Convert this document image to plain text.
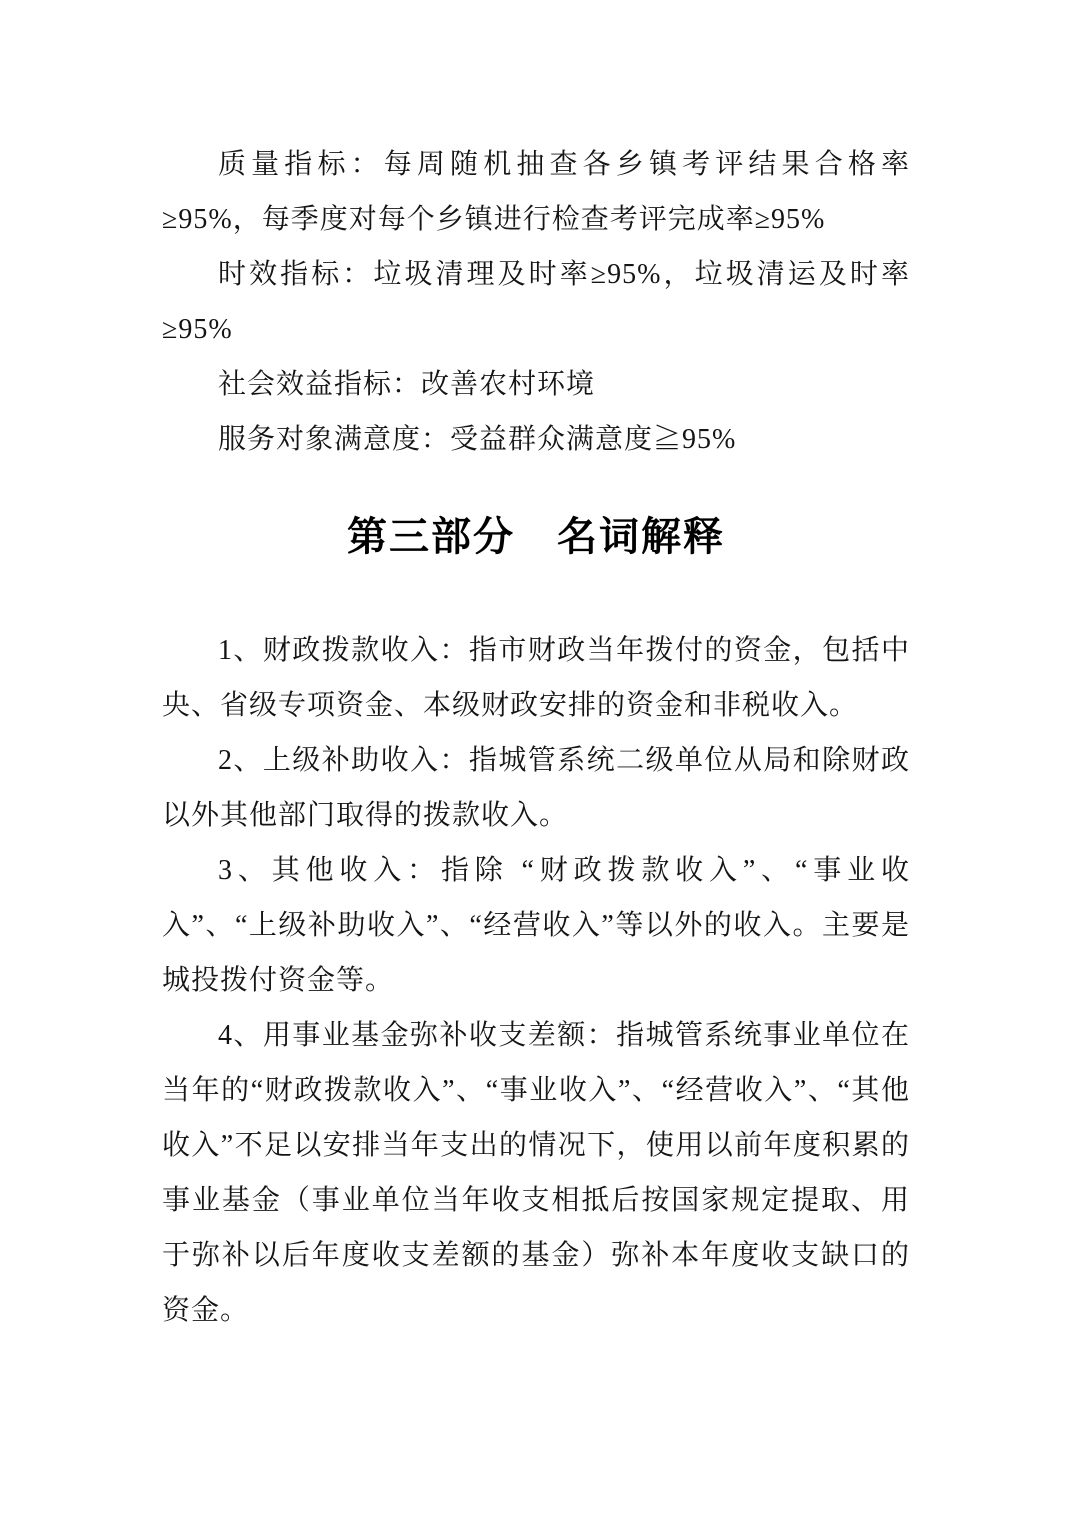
质量指标：每周随机抽查各乡镇考评结果合格率 ≥95%，每季度对每个乡镇进行检查考评完成率≥95%

时效指标：垃圾清理及时率≥95%，垃圾清运及时率≥95%

社会效益指标：改善农村环境

服务对象满意度：受益群众满意度≧95%

第三部分　名词解释

1、财政拨款收入：指市财政当年拨付的资金，包括中央、省级专项资金、本级财政安排的资金和非税收入。

2、上级补助收入：指城管系统二级单位从局和除财政以外其他部门取得的拨款收入。

3、其他收入：指除 “财政拨款收入”、“事业收入”、“上级补助收入”、“经营收入”等以外的收入。主要是城投拨付资金等。

4、用事业基金弥补收支差额：指城管系统事业单位在当年的“财政拨款收入”、“事业收入”、“经营收入”、“其他收入”不足以安排当年支出的情况下，使用以前年度积累的事业基金（事业单位当年收支相抵后按国家规定提取、用于弥补以后年度收支差额的基金）弥补本年度收支缺口的资金。
